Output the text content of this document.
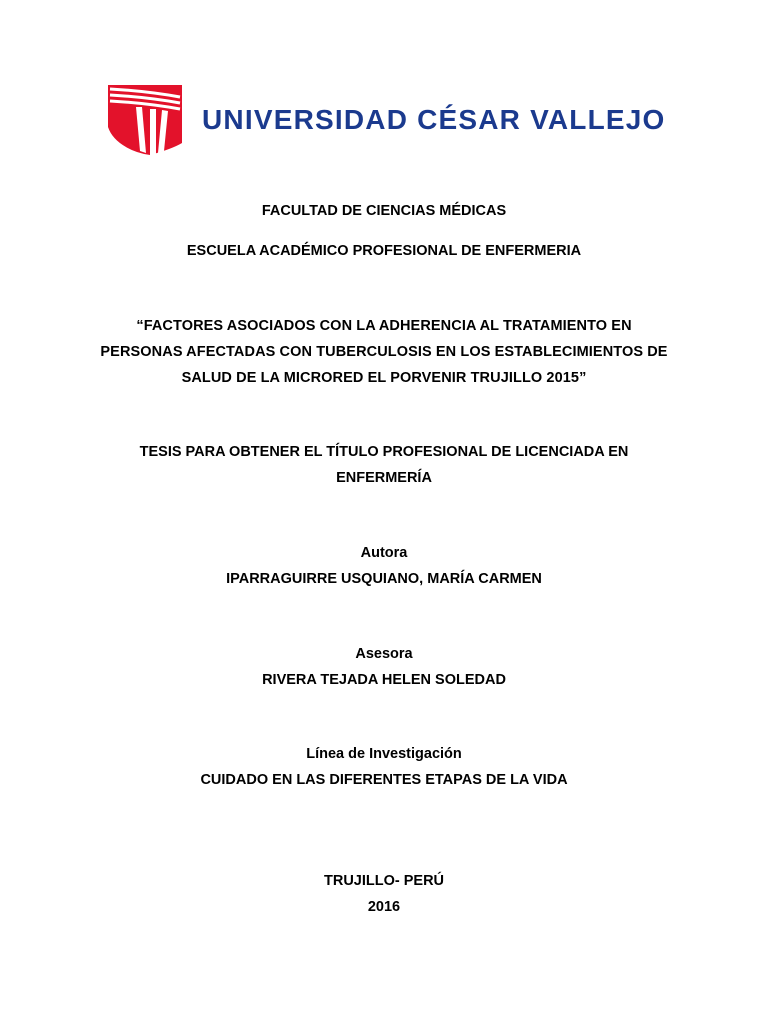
UNIVERSIDAD CÉSAR VALLEJO
FACULTAD DE CIENCIAS MÉDICAS
ESCUELA ACADÉMICO PROFESIONAL DE ENFERMERIA
“FACTORES ASOCIADOS CON LA ADHERENCIA AL TRATAMIENTO EN
PERSONAS AFECTADAS CON TUBERCULOSIS EN LOS ESTABLECIMIENTOS DE
SALUD DE LA MICRORED EL PORVENIR TRUJILLO 2015”
TESIS PARA OBTENER EL TÍTULO PROFESIONAL DE LICENCIADA EN
ENFERMERÍA
Autora
IPARRAGUIRRE USQUIANO, MARÍA CARMEN
Asesora
RIVERA TEJADA HELEN SOLEDAD
Línea de Investigación
CUIDADO EN LAS DIFERENTES ETAPAS DE LA VIDA
TRUJILLO- PERÚ
2016
